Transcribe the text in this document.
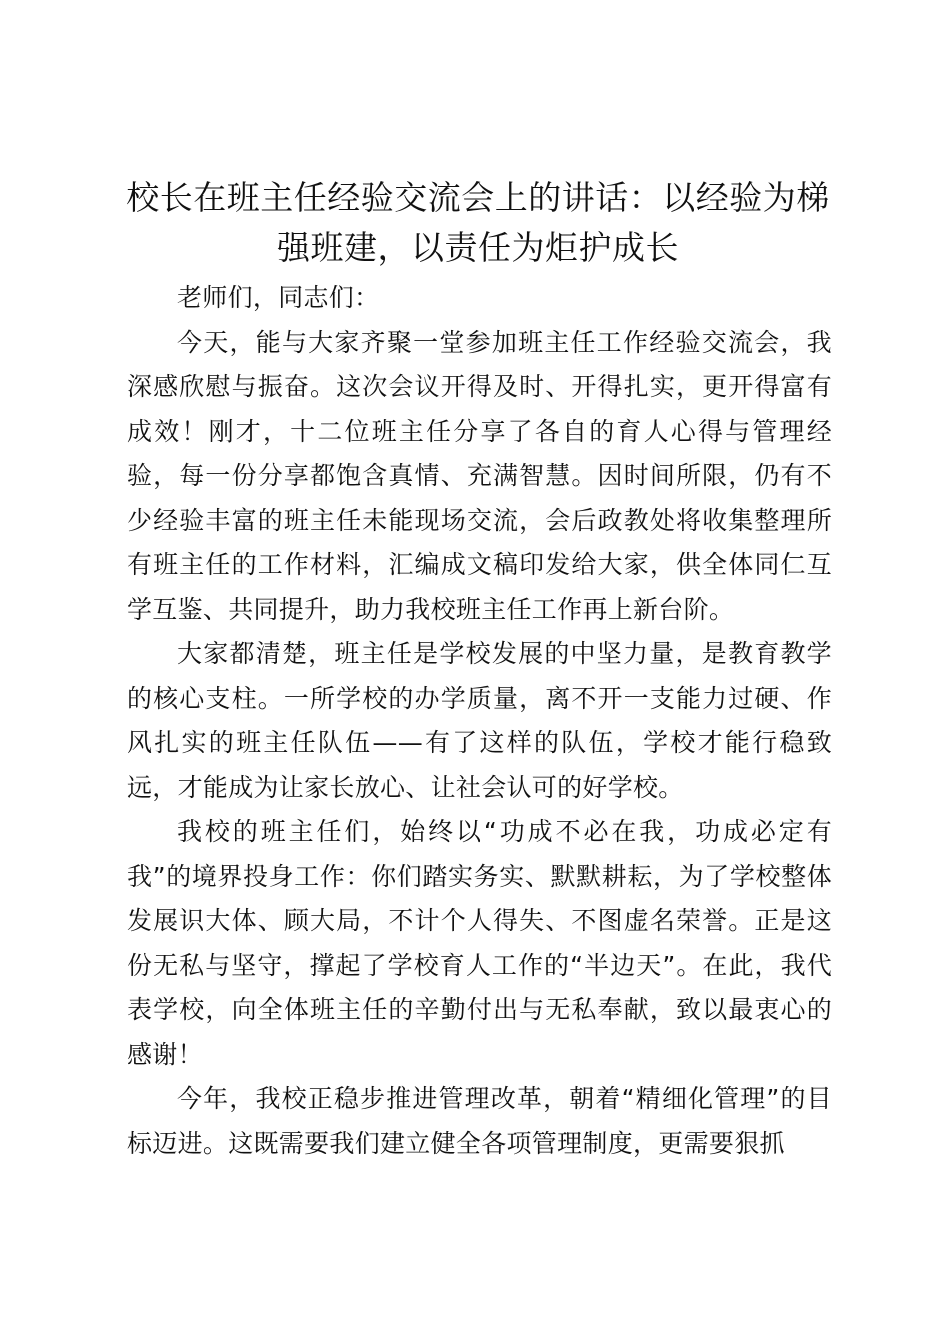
校长在班主任经验交流会上的讲话：以经验为梯强班建，以责任为炬护成长

老师们，同志们：

今天，能与大家齐聚一堂参加班主任工作经验交流会，我深感欣慰与振奋。这次会议开得及时、开得扎实，更开得富有成效！刚才，十二位班主任分享了各自的育人心得与管理经验，每一份分享都饱含真情、充满智慧。因时间所限，仍有不少经验丰富的班主任未能现场交流，会后政教处将收集整理所有班主任的工作材料，汇编成文稿印发给大家，供全体同仁互学互鉴、共同提升，助力我校班主任工作再上新台阶。

大家都清楚，班主任是学校发展的中坚力量，是教育教学的核心支柱。一所学校的办学质量，离不开一支能力过硬、作风扎实的班主任队伍——有了这样的队伍，学校才能行稳致远，才能成为让家长放心、让社会认可的好学校。

我校的班主任们，始终以“功成不必在我，功成必定有我”的境界投身工作：你们踏实务实、默默耕耘，为了学校整体发展识大体、顾大局，不计个人得失、不图虚名荣誉。正是这份无私与坚守，撑起了学校育人工作的“半边天”。在此，我代表学校，向全体班主任的辛勤付出与无私奉献，致以最衷心的感谢！

今年，我校正稳步推进管理改革，朝着“精细化管理”的目标迈进。这既需要我们建立健全各项管理制度，更需要狠抓
